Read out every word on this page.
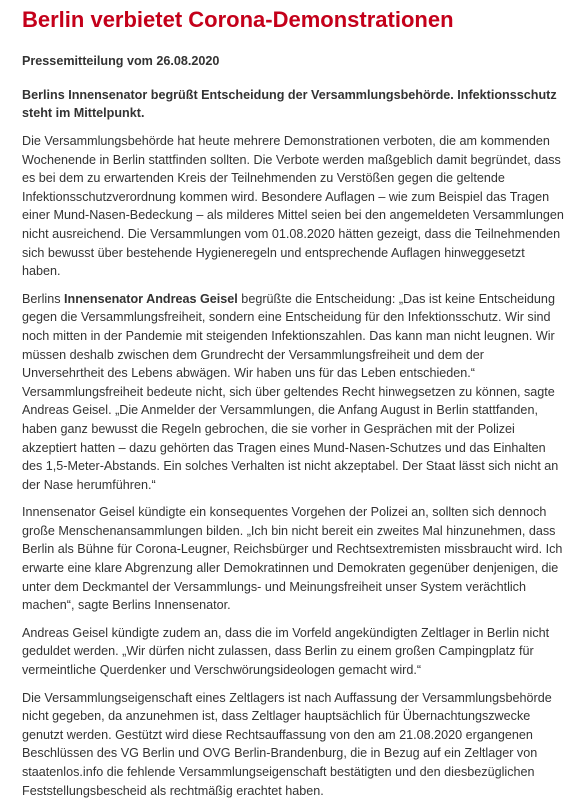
Berlin verbietet Corona-Demonstrationen
Pressemitteilung vom 26.08.2020
Berlins Innensenator begrüßt Entscheidung der Versammlungsbehörde. Infektionsschutz steht im Mittelpunkt.

Die Versammlungsbehörde hat heute mehrere Demonstrationen verboten, die am kommenden Wochenende in Berlin stattfinden sollten. Die Verbote werden maßgeblich damit begründet, dass es bei dem zu erwartenden Kreis der Teilnehmenden zu Verstößen gegen die geltende Infektionsschutzverordnung kommen wird. Besondere Auflagen – wie zum Beispiel das Tragen einer Mund-Nasen-Bedeckung – als milderes Mittel seien bei den angemeldeten Versammlungen nicht ausreichend. Die Versammlungen vom 01.08.2020 hätten gezeigt, dass die Teilnehmenden sich bewusst über bestehende Hygieneregeln und entsprechende Auflagen hinweggesetzt haben.

Berlins Innensenator Andreas Geisel begrüßte die Entscheidung: „Das ist keine Entscheidung gegen die Versammlungsfreiheit, sondern eine Entscheidung für den Infektionsschutz. Wir sind noch mitten in der Pandemie mit steigenden Infektionszahlen. Das kann man nicht leugnen. Wir müssen deshalb zwischen dem Grundrecht der Versammlungsfreiheit und dem der Unversehrtheit des Lebens abwägen. Wir haben uns für das Leben entschieden.“ Versammlungsfreiheit bedeute nicht, sich über geltendes Recht hinwegsetzen zu können, sagte Andreas Geisel. „Die Anmelder der Versammlungen, die Anfang August in Berlin stattfanden, haben ganz bewusst die Regeln gebrochen, die sie vorher in Gesprächen mit der Polizei akzeptiert hatten – dazu gehörten das Tragen eines Mund-Nasen-Schutzes und das Einhalten des 1,5-Meter-Abstands. Ein solches Verhalten ist nicht akzeptabel. Der Staat lässt sich nicht an der Nase herumführen.“

Innensenator Geisel kündigte ein konsequentes Vorgehen der Polizei an, sollten sich dennoch große Menschenansammlungen bilden. „Ich bin nicht bereit ein zweites Mal hinzunehmen, dass Berlin als Bühne für Corona-Leugner, Reichsbürger und Rechtsextremisten missbraucht wird. Ich erwarte eine klare Abgrenzung aller Demokratinnen und Demokraten gegenüber denjenigen, die unter dem Deckmantel der Versammlungs- und Meinungsfreiheit unser System verächtlich machen“, sagte Berlins Innensenator.

Andreas Geisel kündigte zudem an, dass die im Vorfeld angekündigten Zeltlager in Berlin nicht geduldet werden. „Wir dürfen nicht zulassen, dass Berlin zu einem großen Campingplatz für vermeintliche Querdenker und Verschwörungsideologen gemacht wird.“

Die Versammlungseigenschaft eines Zeltlagers ist nach Auffassung der Versammlungsbehörde nicht gegeben, da anzunehmen ist, dass Zeltlager hauptsächlich für Übernachtungszwecke genutzt werden. Gestützt wird diese Rechtsauffassung von den am 21.08.2020 ergangenen Beschlüssen des VG Berlin und OVG Berlin-Brandenburg, die in Bezug auf ein Zeltlager von staatenlos.info die fehlende Versammlungseigenschaft bestätigten und den diesbezüglichen Feststellungsbescheid als rechtmäßig erachtet haben.
